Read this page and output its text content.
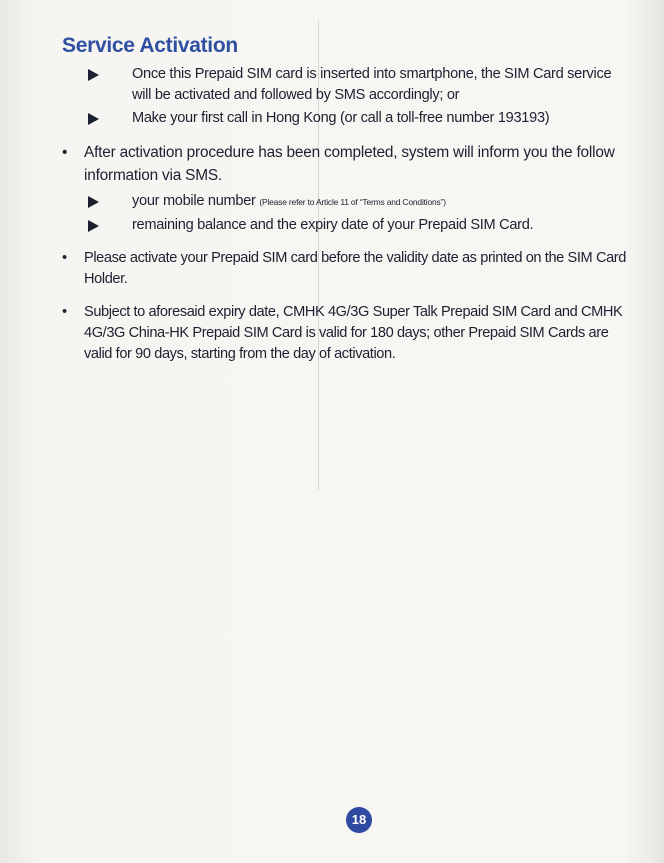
Service Activation
Once this Prepaid SIM card is inserted into smartphone, the SIM Card service will be activated and followed by SMS accordingly; or
Make your first call in Hong Kong (or call a toll-free number 193193)
• After activation procedure has been completed, system will inform you the follow information via SMS.
your mobile number (Please refer to Article 11 of “Terms and Conditions”)
remaining balance and the expiry date of your Prepaid SIM Card.
• Please activate your Prepaid SIM card before the validity date as printed on the SIM Card Holder.
• Subject to aforesaid expiry date, CMHK 4G/3G Super Talk Prepaid SIM Card and CMHK 4G/3G China-HK Prepaid SIM Card is valid for 180 days; other Prepaid SIM Cards are valid for 90 days, starting from the day of activation.
18
